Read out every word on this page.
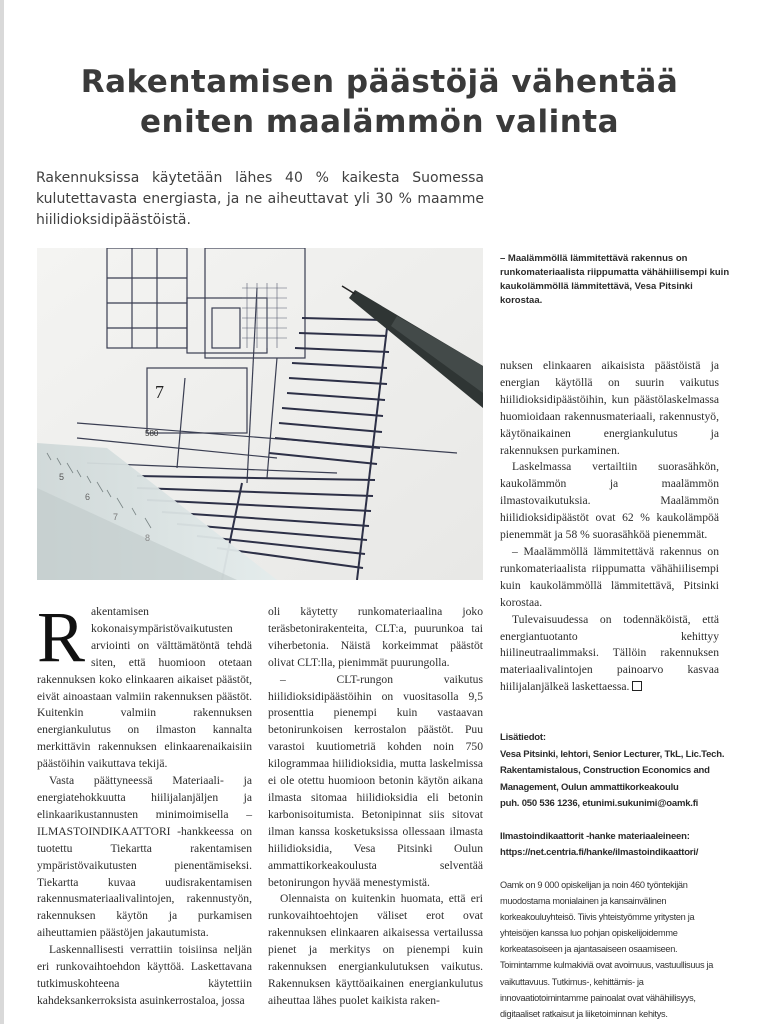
Rakentamisen päästöjä vähentää
eniten maalämmön valinta

Rakennuksissa käytetään lähes 40 % kaikesta Suomessa kulutettavasta energiasta, ja ne aiheuttavat yli 30 % maamme hiilidioksidipäästöistä.

7
580
5
6
7
8

– Maalämmöllä lämmitettävä rakennus on runkomateriaalista riippumatta vähähiilisempi kuin kaukolämmöllä lämmitettävä, Vesa Pitsinki korostaa.

Rakentamisen kokonaisympäristövaikutusten arviointi on välttämätöntä tehdä siten, että huomioon otetaan rakennuksen koko elinkaaren aikaiset päästöt, eivät ainoastaan valmiin rakennuksen päästöt. Kuitenkin valmiin rakennuksen energiankulutus on ilmaston kannalta merkittävin rakennuksen elinkaarenaikaisiin päästöihin vaikuttava tekijä.

Vasta päättyneessä Materiaali- ja energiatehokkuutta hiilijalanjäljen ja elinkaarikustannusten minimoimisella – ILMASTOINDIKAATTORI -hankkeessa on tuotettu Tiekartta rakentamisen ympäristövaikutusten pienentämiseksi. Tiekartta kuvaa uudisrakentamisen rakennusmateriaalivalintojen, rakennustyön, rakennuksen käytön ja purkamisen aiheuttamien päästöjen jakautumista.

Laskennallisesti verrattiin toisiinsa neljän eri runkovaihtoehdon käyttöä. Laskettavana tutkimuskohteena käytettiin kahdeksankerroksista asuinkerrostaloa, jossa

oli käytetty runkomateriaalina joko teräsbetonirakenteita, CLT:a, puurunkoa tai viherbetonia. Näistä korkeimmat päästöt olivat CLT:lla, pienimmät puurungolla.

– CLT-rungon vaikutus hiilidioksidipäästöihin on vuositasolla 9,5 prosenttia pienempi kuin vastaavan betonirunkoisen kerrostalon päästöt. Puu varastoi kuutiometriä kohden noin 750 kilogrammaa hiilidioksidia, mutta laskelmissa ei ole otettu huomioon betonin käytön aikana ilmasta sitomaa hiilidioksidia eli betonin karbonisoitumista. Betonipinnat siis sitovat ilman kanssa kosketuksissa ollessaan ilmasta hiilidioksidia, Vesa Pitsinki Oulun ammattikorkeakoulusta selventää betonirungon hyvää menestymistä.

Olennaista on kuitenkin huomata, että eri runkovaihtoehtojen väliset erot ovat rakennuksen elinkaaren aikaisessa vertailussa pienet ja merkitys on pienempi kuin rakennuksen energiankulutuksen vaikutus. Rakennuksen käyttöaikainen energiankulutus aiheuttaa lähes puolet kaikista raken-

nuksen elinkaaren aikaisista päästöistä ja energian käytöllä on suurin vaikutus hiilidioksidipäästöihin, kun päästölaskelmassa huomioidaan rakennusmateriaali, rakennustyö, käytönaikainen energiankulutus ja rakennuksen purkaminen.

Laskelmassa vertailtiin suorasähkön, kaukolämmön ja maalämmön ilmastovaikutuksia. Maalämmön hiilidioksidipäästöt ovat 62 % kaukolämpöä pienemmät ja 58 % suorasähköä pienemmät.

– Maalämmöllä lämmitettävä rakennus on runkomateriaalista riippumatta vähähiilisempi kuin kaukolämmöllä lämmitettävä, Pitsinki korostaa.

Tulevaisuudessa on todennäköistä, että energiantuotanto kehittyy hiilineutraalimmaksi. Tällöin rakennuksen materiaalivalintojen painoarvo kasvaa hiilijalanjälkeä laskettaessa.

Lisätiedot:
Vesa Pitsinki, lehtori, Senior Lecturer, TkL, Lic.Tech.
Rakentamistalous, Construction Economics and
Management, Oulun ammattikorkeakoulu
puh. 050 536 1236, etunimi.sukunimi@oamk.fi
Ilmastoindikaattorit -hanke materiaaleineen:
https://net.centria.fi/hanke/ilmastoindikaattori/

Oamk on 9 000 opiskelijan ja noin 460 työntekijän muodostama monialainen ja kansainvälinen korkeakouluyhteisö. Tiivis yhteistyömme yritysten ja yhteisöjen kanssa luo pohjan opiskelijoidemme korkeatasoiseen ja ajantasaiseen osaamiseen. Toimintamme kulmakiviä ovat avoimuus, vastuullisuus ja vaikuttavuus. Tutkimus-, kehittämis- ja innovaatiotoimintamme painoalat ovat vähähiilisyys, digitaaliset ratkaisut ja liiketoiminnan kehitys.
